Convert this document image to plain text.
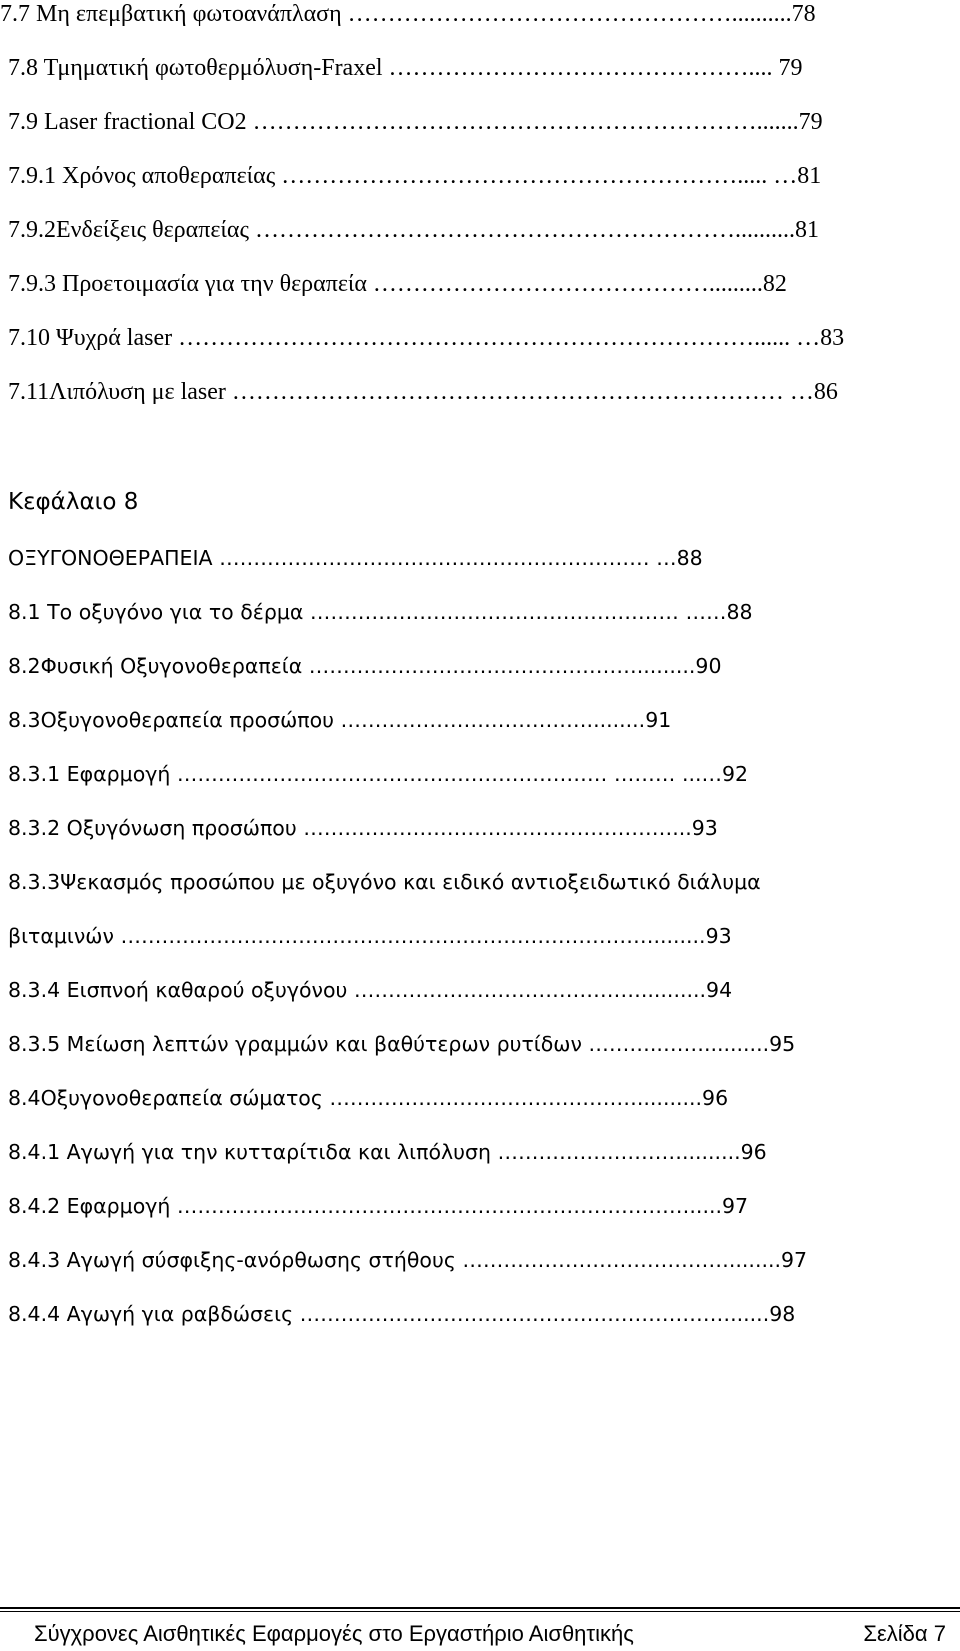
7.7 Μη επεμβατική φωτοανάπλαση …………………………………………..........78
7.8 Τμηματική φωτοθερμόλυση-Fraxel ……………………………………….... 79
7.9 Laser fractional CO2 ……………………………………………………….......79
7.9.1 Χρόνος αποθεραπείας …………………………………………………..... …81
7.9.2Ενδείξεις θεραπείας ……………………………………………………..........81
7.9.3 Προετοιμασία για την θεραπεία …………………………………….........82
7.10 Ψυχρά laser ………………………………………………………………...... …83
7.11Λιπόλυση με laser …………………………………………………………… …86
Κεφάλαιο 8
ΟΞΥΓΟΝΟΘΕΡΑΠΕΙΑ ……………………………………………………… …88
8.1 Το οξυγόνο για το δέρμα ……………………………………………… ……88
8.2Φυσική Οξυγονοθεραπεία ………………………………………….........90
8.3Οξυγονοθεραπεία προσώπου ……………………………….........91
8.3.1 Εφαρμογή ……………………………………………………… ……… ...…92
8.3.2 Οξυγόνωση προσώπου ………………………………………………...93
8.3.3Ψεκασμός προσώπου με οξυγόνο και ειδικό αντιοξειδωτικό διάλυμα
βιταμινών ……………………………………………………………………........93
8.3.4 Εισπνοή καθαρού οξυγόνου ……………………………………..........94
8.3.5 Μείωση λεπτών γραμμών και βαθύτερων ρυτίδων ………..……..........95
8.4Οξυγονοθεραπεία σώματος ………………………………………..........96
8.4.1 Αγωγή για την κυτταρίτιδα και λιπόλυση ……………………….........96
8.4.2 Εφαρμογή ………………………………………………………………….....97
8.4.3 Αγωγή σύσφιξης-ανόρθωσης στήθους …………………………………........97
8.4.4 Αγωγή για ραβδώσεις ………………………………………………………......98
Σύγχρονες Αισθητικές Εφαρμογές στο Εργαστήριο Αισθητικής	Σελίδα 7
